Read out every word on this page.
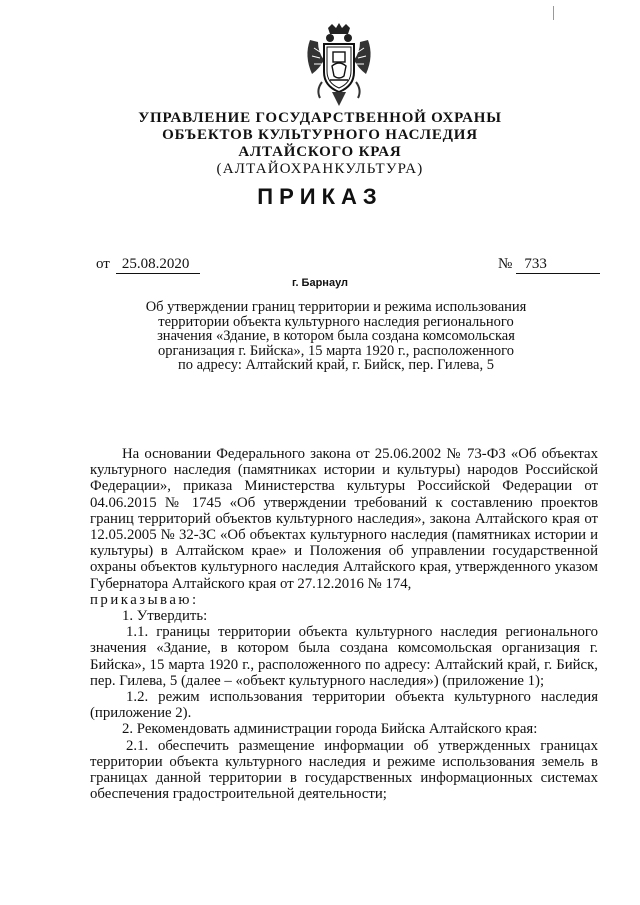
УПРАВЛЕНИЕ ГОСУДАРСТВЕННОЙ ОХРАНЫ
ОБЪЕКТОВ КУЛЬТУРНОГО НАСЛЕДИЯ
АЛТАЙСКОГО КРАЯ
(АЛТАЙОХРАНКУЛЬТУРА)
ПРИКАЗ
от 25.08.2020	№ 733
г. Барнаул
Об утверждении границ территории и режима использования
территории объекта культурного наследия регионального
значения «Здание, в котором была создана комсомольская
организация г. Бийска», 15 марта 1920 г., расположенного
по адресу: Алтайский край, г. Бийск, пер. Гилева, 5

На основании Федерального закона от 25.06.2002 № 73-ФЗ «Об объектах культурного наследия (памятниках истории и культуры) народов Российской Федерации», приказа Министерства культуры Российской Федерации от 04.06.2015 № 1745 «Об утверждении требований к составлению проектов границ территорий объектов культурного наследия», закона Алтайского края от 12.05.2005 № 32-ЗС «Об объектах культурного наследия (памятниках истории и культуры) в Алтайском крае» и Положения об управлении государственной охраны объектов культурного наследия Алтайского края, утвержденного указом Губернатора Алтайского края от 27.12.2016 № 174,

приказываю:

1. Утвердить:

1.1. границы территории объекта культурного наследия регионального значения «Здание, в котором была создана комсомольская организация г. Бийска», 15 марта 1920 г., расположенного по адресу: Алтайский край, г. Бийск, пер. Гилева, 5 (далее – «объект культурного наследия») (приложение 1);

1.2. режим использования территории объекта культурного наследия (приложение 2).

2. Рекомендовать администрации города Бийска Алтайского края:

2.1. обеспечить размещение информации об утвержденных границах территории объекта культурного наследия и режиме использования земель в границах данной территории в государственных информационных системах обеспечения градостроительной деятельности;
